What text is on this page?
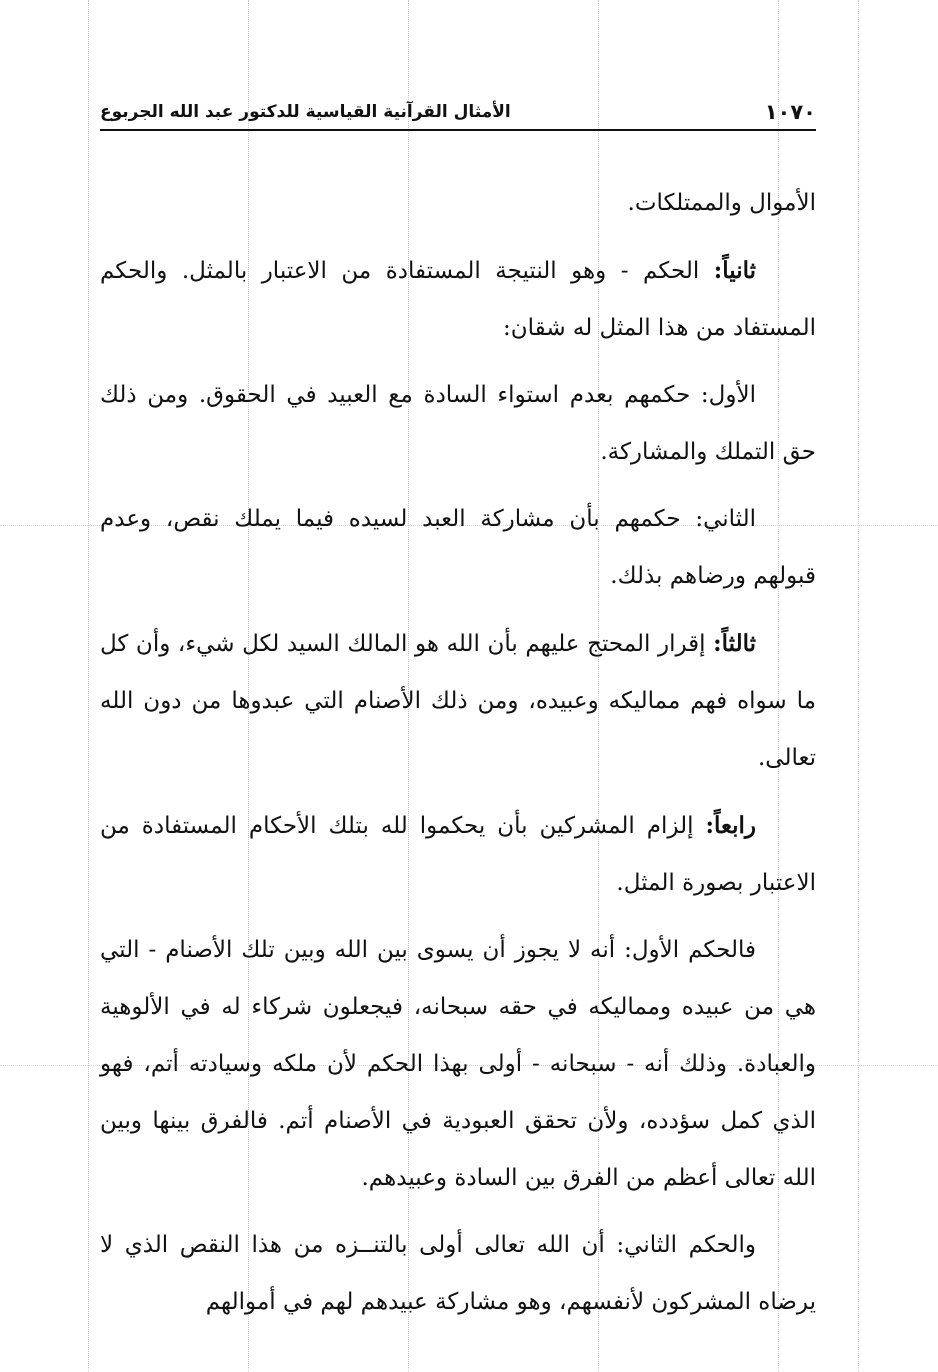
١٠٧٠
الأمثال القرآنية القياسية للدكتور عبد الله الجربوع

الأموال والممتلكات.

ثانياً: الحكم - وهو النتيجة المستفادة من الاعتبار بالمثل. والحكم المستفاد من هذا المثل له شقان:

الأول: حكمهم بعدم استواء السادة مع العبيد في الحقوق. ومن ذلك حق التملك والمشاركة.

الثاني: حكمهم بأن مشاركة العبد لسيده فيما يملك نقص، وعدم قبولهم ورضاهم بذلك.

ثالثاً: إقرار المحتج عليهم بأن الله هو المالك السيد لكل شيء، وأن كل ما سواه فهم مماليكه وعبيده، ومن ذلك الأصنام التي عبدوها من دون الله تعالى.

رابعاً: إلزام المشركين بأن يحكموا لله بتلك الأحكام المستفادة من الاعتبار بصورة المثل.

فالحكم الأول: أنه لا يجوز أن يسوى بين الله وبين تلك الأصنام - التي هي من عبيده ومماليكه في حقه سبحانه، فيجعلون شركاء له في الألوهية والعبادة. وذلك أنه - سبحانه - أولى بهذا الحكم لأن ملكه وسيادته أتم، فهو الذي كمل سؤدده، ولأن تحقق العبودية في الأصنام أتم. فالفرق بينها وبين الله تعالى أعظم من الفرق بين السادة وعبيدهم.

والحكم الثاني: أن الله تعالى أولى بالتنــزه من هذا النقص الذي لا يرضاه المشركون لأنفسهم، وهو مشاركة عبيدهم لهم في أموالهم
